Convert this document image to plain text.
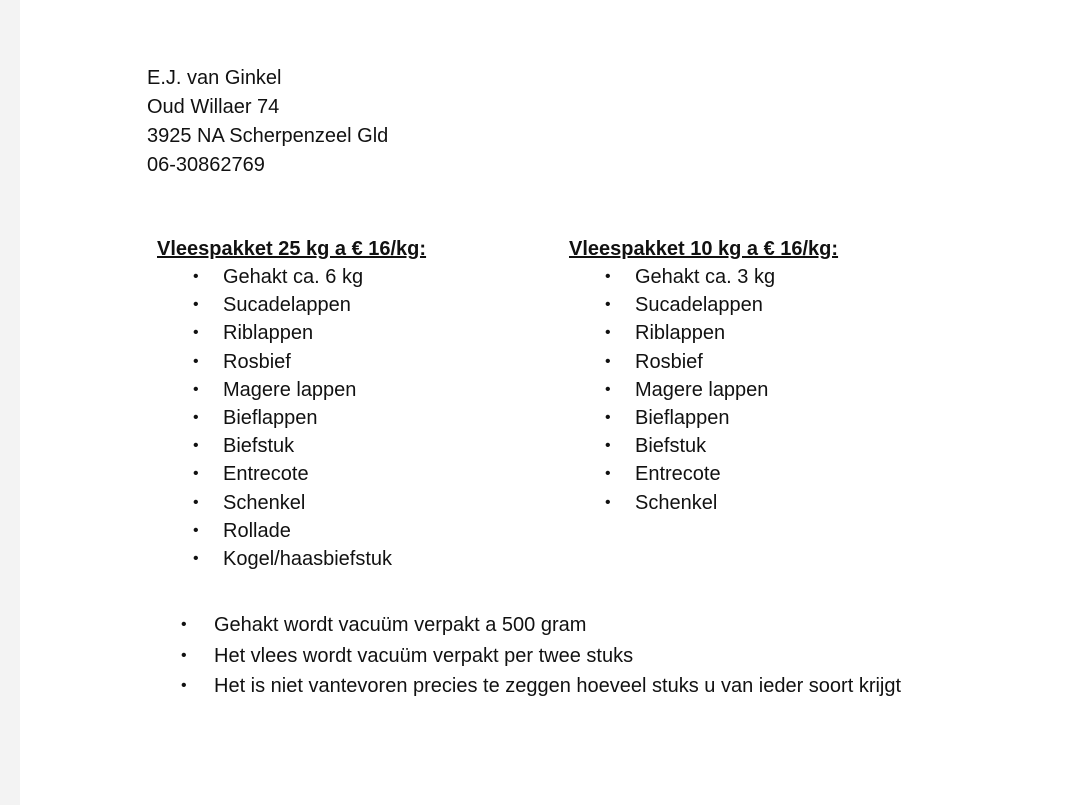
E.J. van Ginkel
Oud Willaer 74
3925 NA Scherpenzeel Gld
06-30862769
Vleespakket 25 kg a € 16/kg:
• Gehakt ca. 6 kg
• Sucadelappen
• Riblappen
• Rosbief
• Magere lappen
• Bieflappen
• Biefstuk
• Entrecote
• Schenkel
• Rollade
• Kogel/haasbiefstuk
Vleespakket 10 kg a € 16/kg:
• Gehakt ca. 3 kg
• Sucadelappen
• Riblappen
• Rosbief
• Magere lappen
• Bieflappen
• Biefstuk
• Entrecote
• Schenkel
• Gehakt wordt vacuüm verpakt a 500 gram
• Het vlees wordt vacuüm verpakt per twee stuks
• Het is niet vantevoren precies te zeggen hoeveel stuks u van ieder soort krijgt
